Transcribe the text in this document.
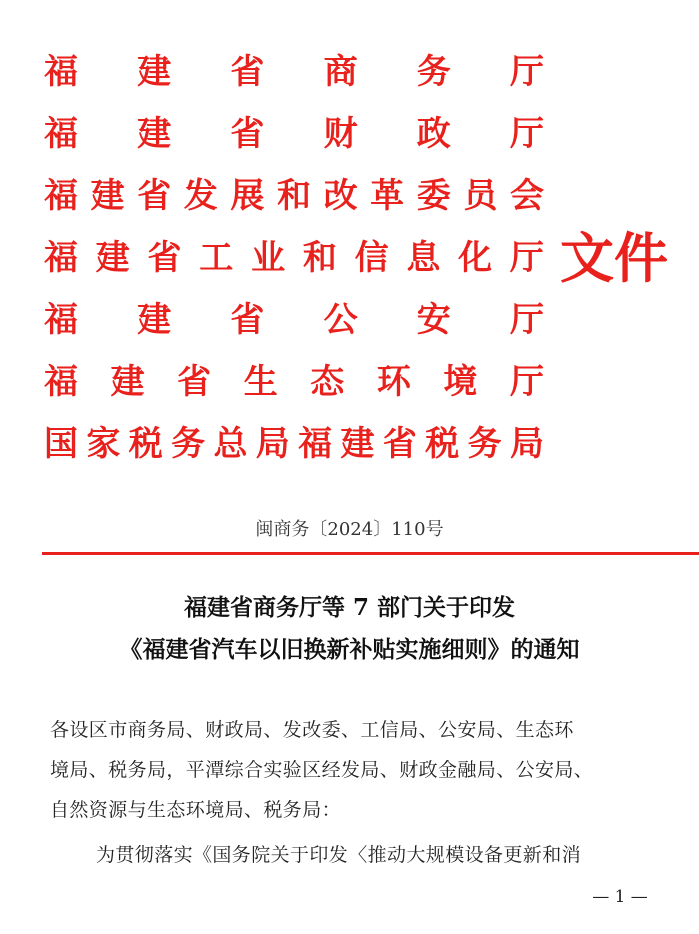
福 建 省 商 务 厅
福 建 省 财 政 厅
福 建 省 发 展 和 改 革 委 员 会
福 建 省 工 业 和 信 息 化 厅
福 建 省 公 安 厅
福 建 省 生 态 环 境 厅
国 家 税 务 总 局 福 建 省 税 务 局
文件
闽商务〔2024〕110号
福建省商务厅等 7 部门关于印发
《福建省汽车以旧换新补贴实施细则》的通知
各设区市商务局、财政局、发改委、工信局、公安局、生态环
境局、税务局，平潭综合实验区经发局、财政金融局、公安局、
自然资源与生态环境局、税务局：
为贯彻落实《国务院关于印发〈推动大规模设备更新和消
— 1 —
